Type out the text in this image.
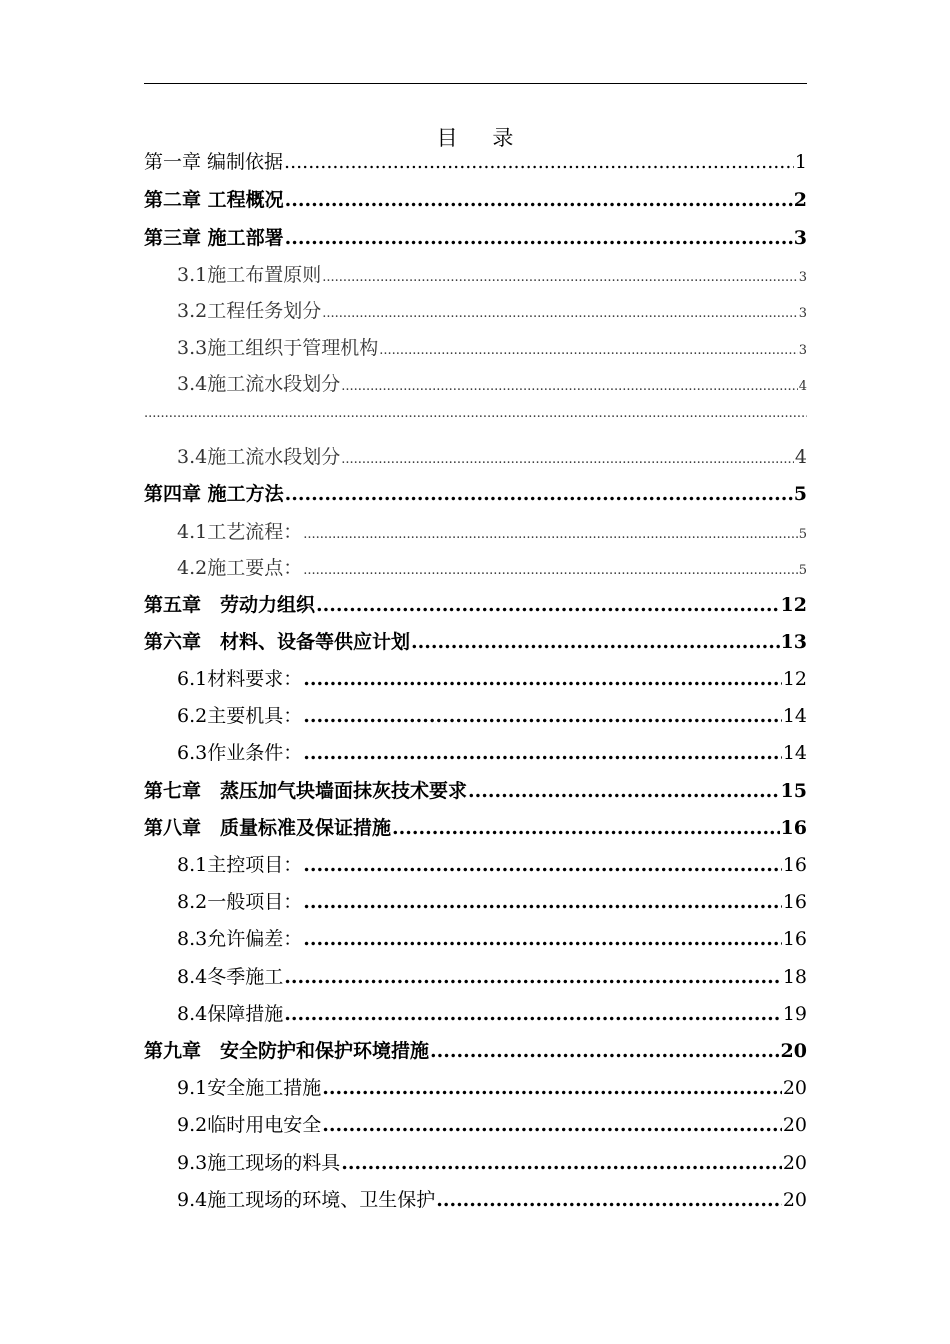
目 录
第一章 编制依据 .....	1
第二章 工程概况 .....	2
第三章 施工部署 .....	3
3.1施工布置原则 .....	3
3.2工程任务划分 .....	3
3.3施工组织于管理机构 .....	3
3.4施工流水段划分 .....	4
.....
3.4施工流水段划分 .....	4
第四章 施工方法 .....	5
4.1工艺流程： .....	5
4.2施工要点： .....	5
第五章　劳动力组织 .....	12
第六章　材料、设备等供应计划 .....	13
6.1材料要求： .....	12
6.2主要机具： .....	14
6.3作业条件： .....	14
第七章　蒸压加气块墙面抹灰技术要求 .....	15
第八章　质量标准及保证措施 .....	16
8.1主控项目： .....	16
8.2一般项目： .....	16
8.3允许偏差： .....	16
8.4冬季施工 .....	18
8.4保障措施 .....	19
第九章　安全防护和保护环境措施 .....	20
9.1安全施工措施 .....	20
9.2临时用电安全 .....	20
9.3施工现场的料具 .....	20
9.4施工现场的环境、卫生保护 .....	20
